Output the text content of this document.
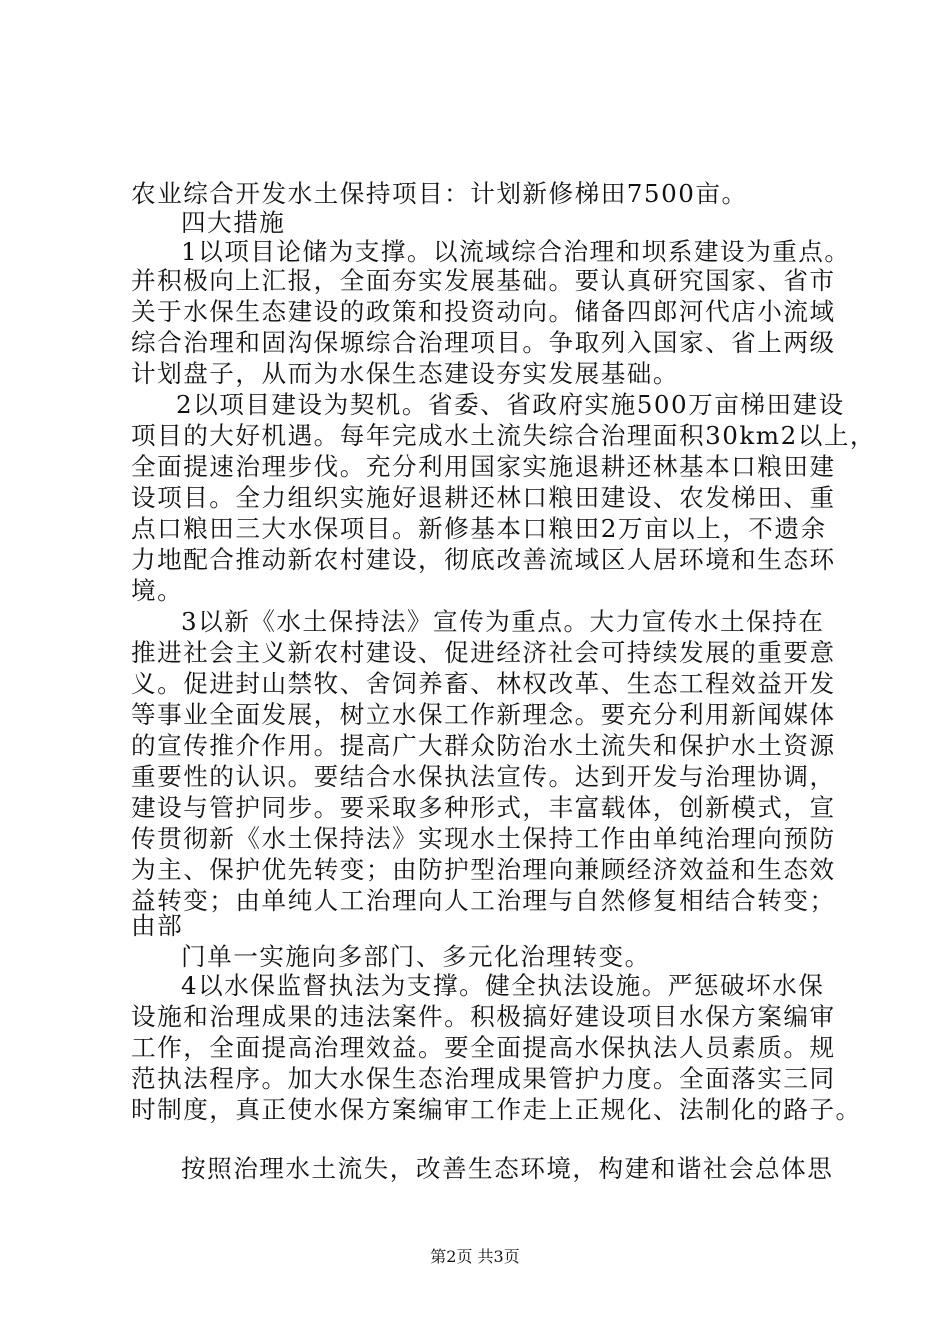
农业综合开发水土保持项目：计划新修梯田7500亩。
四大措施
1以项目论储为支撑。以流域综合治理和坝系建设为重点。
并积极向上汇报，全面夯实发展基础。要认真研究国家、省市
关于水保生态建设的政策和投资动向。储备四郎河代店小流域
综合治理和固沟保塬综合治理项目。争取列入国家、省上两级
计划盘子，从而为水保生态建设夯实发展基础。
2以项目建设为契机。省委、省政府实施500万亩梯田建设
项目的大好机遇。每年完成水土流失综合治理面积30km2以上，
全面提速治理步伐。充分利用国家实施退耕还林基本口粮田建
设项目。全力组织实施好退耕还林口粮田建设、农发梯田、重
点口粮田三大水保项目。新修基本口粮田2万亩以上，不遗余
力地配合推动新农村建设，彻底改善流域区人居环境和生态环
境。
3以新《水土保持法》宣传为重点。大力宣传水土保持在
推进社会主义新农村建设、促进经济社会可持续发展的重要意
义。促进封山禁牧、舍饲养畜、林权改革、生态工程效益开发
等事业全面发展，树立水保工作新理念。要充分利用新闻媒体
的宣传推介作用。提高广大群众防治水土流失和保护水土资源
重要性的认识。要结合水保执法宣传。达到开发与治理协调，
建设与管护同步。要采取多种形式，丰富载体，创新模式，宣
传贯彻新《水土保持法》实现水土保持工作由单纯治理向预防
为主、保护优先转变；由防护型治理向兼顾经济效益和生态效
益转变；由单纯人工治理向人工治理与自然修复相结合转变；
由部
门单一实施向多部门、多元化治理转变。
4以水保监督执法为支撑。健全执法设施。严惩破坏水保
设施和治理成果的违法案件。积极搞好建设项目水保方案编审
工作，全面提高治理效益。要全面提高水保执法人员素质。规
范执法程序。加大水保生态治理成果管护力度。全面落实三同
时制度，真正使水保方案编审工作走上正规化、法制化的路子。
按照治理水土流失，改善生态环境，构建和谐社会总体思
第2页 共3页
